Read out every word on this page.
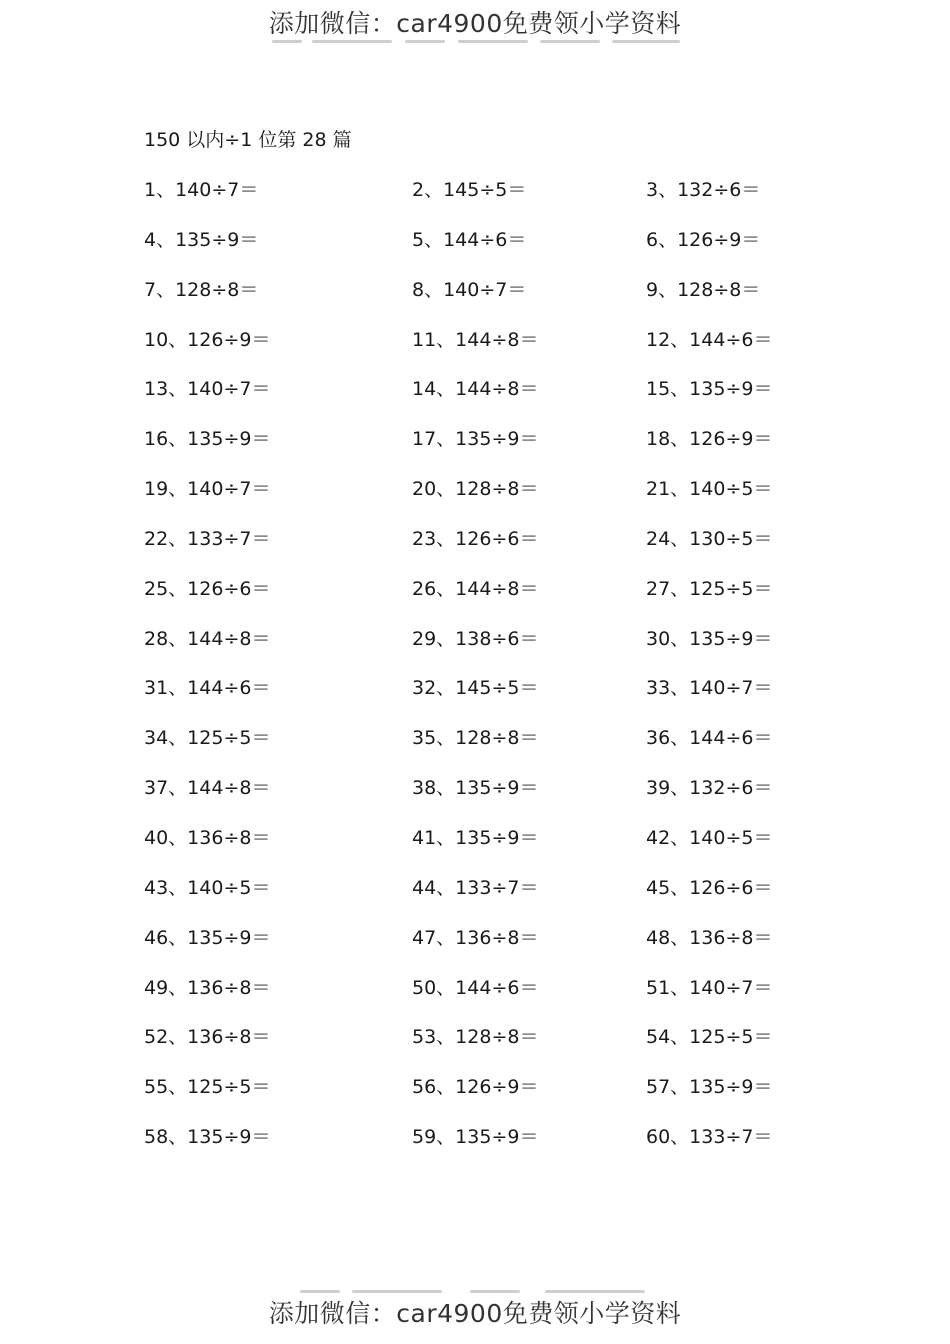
添加微信：car4900免费领小学资料
150 以内÷1 位第 28 篇
1、140÷7＝	2、145÷5＝	3、132÷6＝
4、135÷9＝	5、144÷6＝	6、126÷9＝
7、128÷8＝	8、140÷7＝	9、128÷8＝
10、126÷9＝	11、144÷8＝	12、144÷6＝
13、140÷7＝	14、144÷8＝	15、135÷9＝
16、135÷9＝	17、135÷9＝	18、126÷9＝
19、140÷7＝	20、128÷8＝	21、140÷5＝
22、133÷7＝	23、126÷6＝	24、130÷5＝
25、126÷6＝	26、144÷8＝	27、125÷5＝
28、144÷8＝	29、138÷6＝	30、135÷9＝
31、144÷6＝	32、145÷5＝	33、140÷7＝
34、125÷5＝	35、128÷8＝	36、144÷6＝
37、144÷8＝	38、135÷9＝	39、132÷6＝
40、136÷8＝	41、135÷9＝	42、140÷5＝
43、140÷5＝	44、133÷7＝	45、126÷6＝
46、135÷9＝	47、136÷8＝	48、136÷8＝
49、136÷8＝	50、144÷6＝	51、140÷7＝
52、136÷8＝	53、128÷8＝	54、125÷5＝
55、125÷5＝	56、126÷9＝	57、135÷9＝
58、135÷9＝	59、135÷9＝	60、133÷7＝
添加微信：car4900免费领小学资料
